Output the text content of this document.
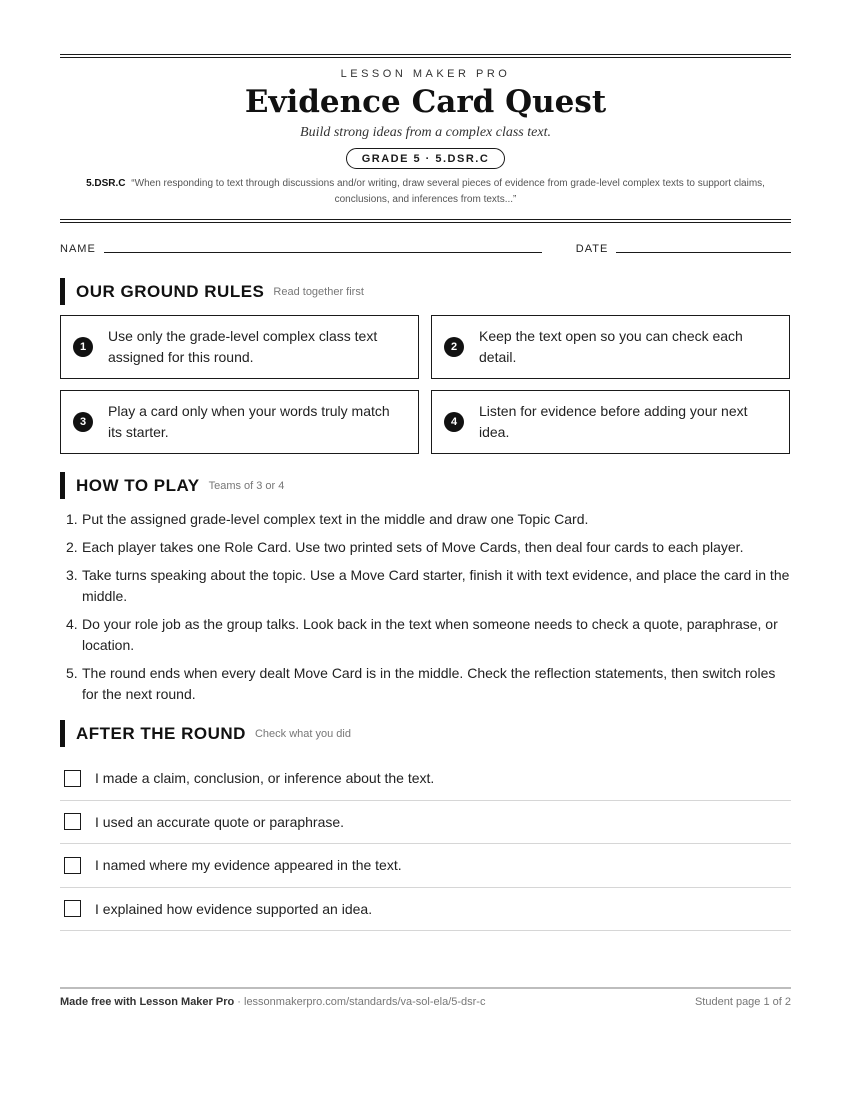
LESSON MAKER PRO
Evidence Card Quest
Build strong ideas from a complex class text.
GRADE 5 · 5.DSR.C
5.DSR.C “When responding to text through discussions and/or writing, draw several pieces of evidence from grade-level complex texts to support claims, conclusions, and inferences from texts...”
NAME	DATE
OUR GROUND RULES Read together first
1
Use only the grade-level complex class text assigned for this round.
2
Keep the text open so you can check each detail.
3
Play a card only when your words truly match its starter.
4
Listen for evidence before adding your next idea.
HOW TO PLAY Teams of 3 or 4
1. Put the assigned grade-level complex text in the middle and draw one Topic Card.
2. Each player takes one Role Card. Use two printed sets of Move Cards, then deal four cards to each player.
3. Take turns speaking about the topic. Use a Move Card starter, finish it with text evidence, and place the card in the middle.
4. Do your role job as the group talks. Look back in the text when someone needs to check a quote, paraphrase, or location.
5. The round ends when every dealt Move Card is in the middle. Check the reflection statements, then switch roles for the next round.
AFTER THE ROUND Check what you did
I made a claim, conclusion, or inference about the text.
I used an accurate quote or paraphrase.
I named where my evidence appeared in the text.
I explained how evidence supported an idea.
Made free with Lesson Maker Pro · lessonmakerpro.com/standards/va-sol-ela/5-dsr-c	Student page 1 of 2
